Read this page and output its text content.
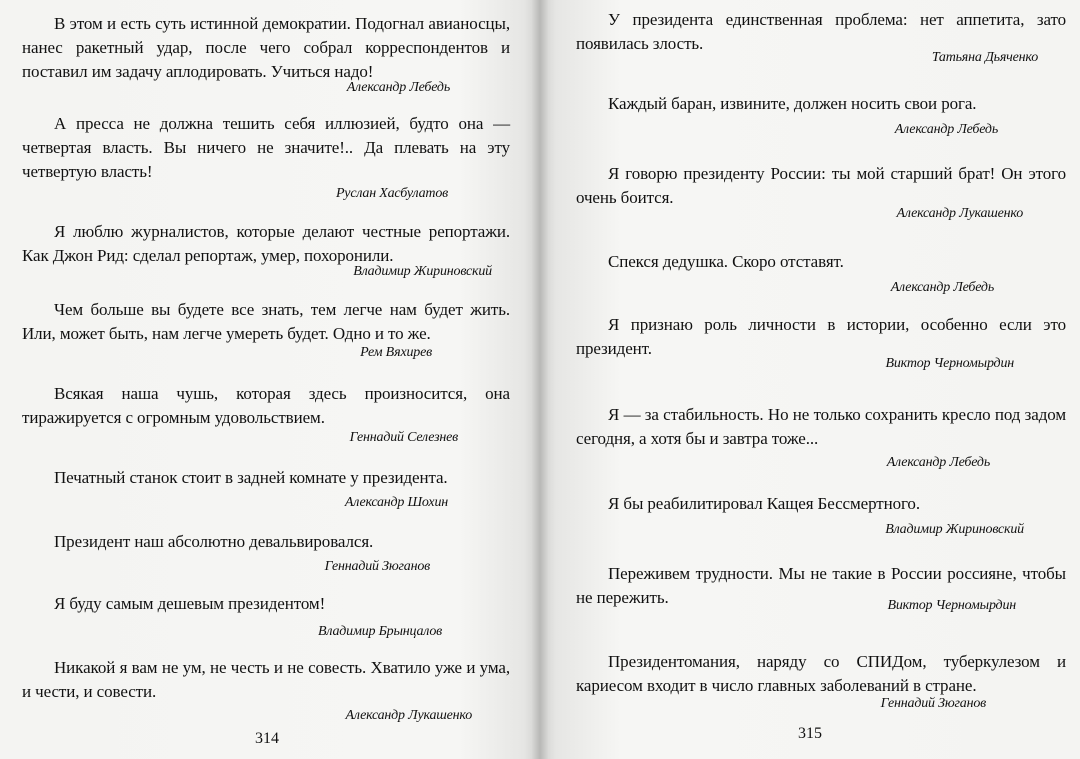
В этом и есть суть истинной демократии. Подогнал авианосцы, нанес ракетный удар, после чего собрал корреспондентов и поставил им задачу аплодировать. Учиться надо!

Александр Лебедь

А пресса не должна тешить себя иллюзией, будто она — четвертая власть. Вы ничего не значите!.. Да плевать на эту четвертую власть!

Руслан Хасбулатов

Я люблю журналистов, которые делают честные репортажи. Как Джон Рид: сделал репортаж, умер, похоронили.

Владимир Жириновский

Чем больше вы будете все знать, тем легче нам будет жить. Или, может быть, нам легче умереть будет. Одно и то же.

Рем Вяхирев

Всякая наша чушь, которая здесь произносится, она тиражируется с огромным удовольствием.

Геннадий Селезнев

Печатный станок стоит в задней комнате у президента.

Александр Шохин

Президент наш абсолютно девальвировался.

Геннадий Зюганов

Я буду самым дешевым президентом!

Владимир Брынцалов

Никакой я вам не ум, не честь и не совесть. Хватило уже и ума, и чести, и совести.

Александр Лукашенко
314

У президента единственная проблема: нет аппетита, зато появилась злость.

Татьяна Дьяченко

Каждый баран, извините, должен носить свои рога.

Александр Лебедь

Я говорю президенту России: ты мой старший брат! Он этого очень боится.

Александр Лукашенко

Спекся дедушка. Скоро отставят.

Александр Лебедь

Я признаю роль личности в истории, особенно если это президент.

Виктор Черномырдин

Я — за стабильность. Но не только сохранить кресло под задом сегодня, а хотя бы и завтра тоже...

Александр Лебедь

Я бы реабилитировал Кащея Бессмертного.

Владимир Жириновский

Переживем трудности. Мы не такие в России россияне, чтобы не пережить.	Виктор Черномырдин

Президентомания, наряду со СПИДом, туберкулезом и кариесом входит в число главных заболеваний в стране.

Геннадий Зюганов
315
